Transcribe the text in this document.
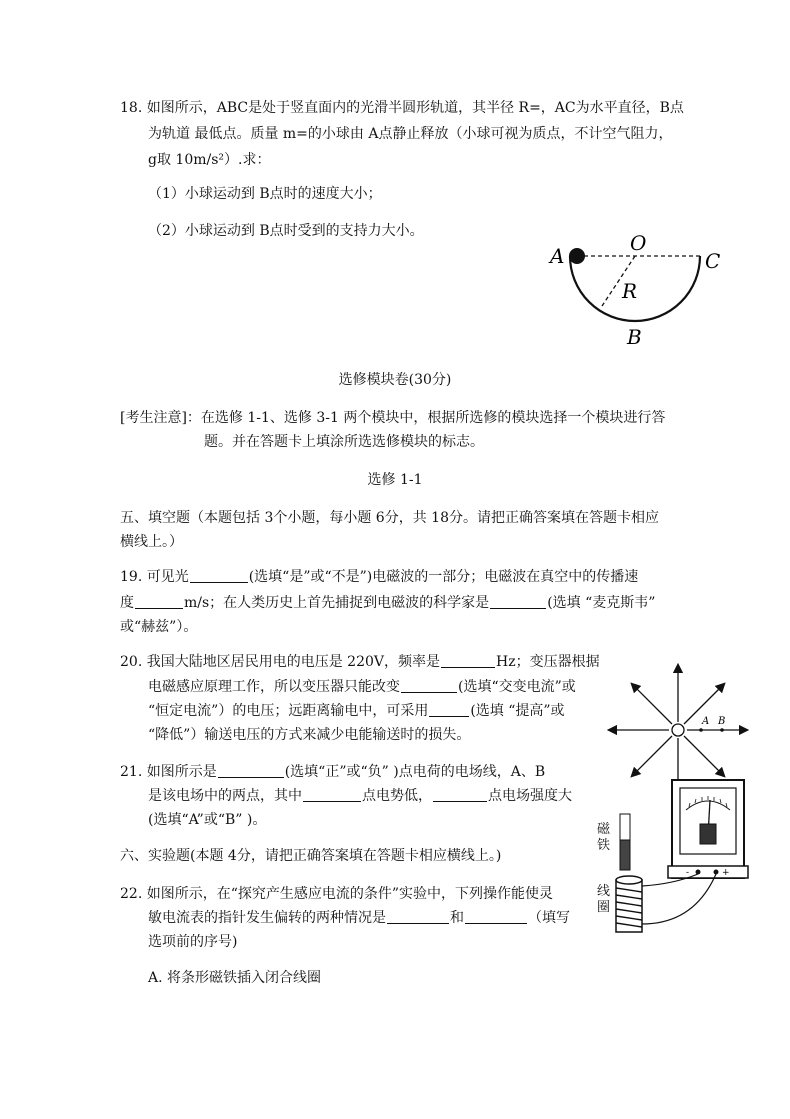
18. 如图所示，ABC是处于竖直面内的光滑半圆形轨道，其半径 R=，AC为水平直径，B点
为轨道 最低点。质量 m=的小球由 A点静止释放（小球可视为质点，不计空气阻力，
g取 10m/s²）.求：
（1）小球运动到 B点时的速度大小；
（2）小球运动到 B点时受到的支持力大小。
A
O
C
R
B
选修模块卷(30分)
[考生注意]：在选修 1-1、选修 3-1 两个模块中，根据所选修的模块选择一个模块进行答
题。并在答题卡上填涂所选选修模块的标志。
选修 1-1
五、填空题（本题包括 3个小题，每小题 6分，共 18分。请把正确答案填在答题卡相应
横线上。）
19. 可见光	(选填“是”或“不是”)电磁波的一部分；电磁波在真空中的传播速
度	m/s；在人类历史上首先捕捉到电磁波的科学家是	(选填 “麦克斯韦”
或“赫兹”）。
20. 我国大陆地区居民用电的电压是 220V，频率是	Hz；变压器根据
电磁感应原理工作，所以变压器只能改变	(选填“交变电流”或
“恒定电流”）的电压；远距离输电中，可采用	(选填 “提高”或
“降低”）输送电压的方式来减少电能输送时的损失。
A B
21. 如图所示是	(选填“正”或“负” )点电荷的电场线，A、B
是该电场中的两点，其中	点电势低，	点电场强度大
(选填“A”或“B” )。
-	+
磁铁
线圈
六、实验题(本题 4分，请把正确答案填在答题卡相应横线上。)
22. 如图所示，在“探究产生感应电流的条件”实验中，下列操作能使灵
敏电流表的指针发生偏转的两种情况是	和	（填写
选项前的序号)
A. 将条形磁铁插入闭合线圈
